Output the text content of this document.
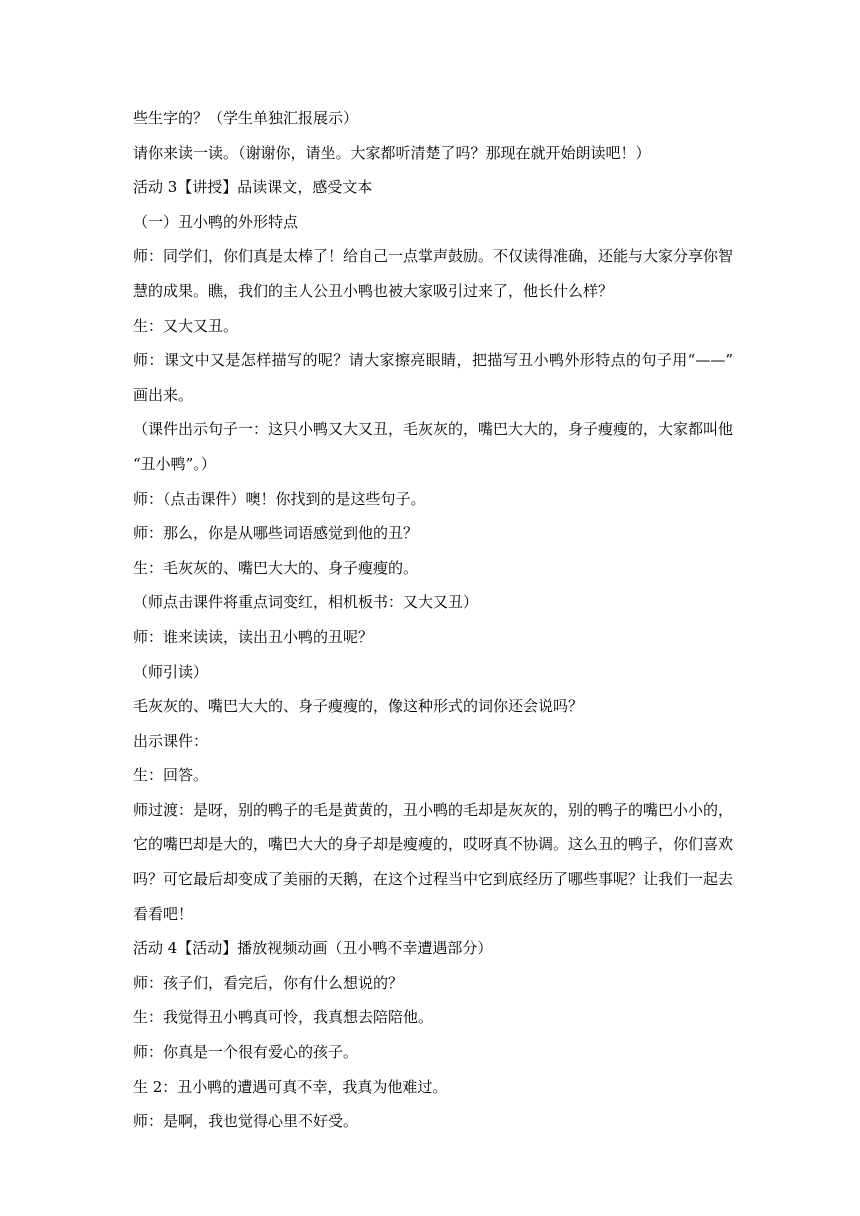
些生字的？（学生单独汇报展示）
请你来读一读。（谢谢你，请坐。大家都听清楚了吗？那现在就开始朗读吧！）
活动 3【讲授】品读课文，感受文本
（一）丑小鸭的外形特点
师：同学们，你们真是太棒了！给自己一点掌声鼓励。不仅读得准确，还能与大家分享你智
慧的成果。瞧，我们的主人公丑小鸭也被大家吸引过来了，他长什么样？
生：又大又丑。
师：课文中又是怎样描写的呢？请大家擦亮眼睛，把描写丑小鸭外形特点的句子用“——”
画出来。
（课件出示句子一：这只小鸭又大又丑，毛灰灰的，嘴巴大大的，身子瘦瘦的，大家都叫他
“丑小鸭”。）
师：（点击课件）噢！你找到的是这些句子。
师：那么，你是从哪些词语感觉到他的丑？
生：毛灰灰的、嘴巴大大的、身子瘦瘦的。
（师点击课件将重点词变红，相机板书：又大又丑）
师：谁来读读，读出丑小鸭的丑呢？
（师引读）
毛灰灰的、嘴巴大大的、身子瘦瘦的，像这种形式的词你还会说吗？
出示课件：
生：回答。
师过渡：是呀，别的鸭子的毛是黄黄的，丑小鸭的毛却是灰灰的，别的鸭子的嘴巴小小的，
它的嘴巴却是大的，嘴巴大大的身子却是瘦瘦的，哎呀真不协调。这么丑的鸭子，你们喜欢
吗？可它最后却变成了美丽的天鹅，在这个过程当中它到底经历了哪些事呢？让我们一起去
看看吧！
活动 4【活动】播放视频动画（丑小鸭不幸遭遇部分）
师：孩子们，看完后，你有什么想说的？
生：我觉得丑小鸭真可怜，我真想去陪陪他。
师：你真是一个很有爱心的孩子。
生 2：丑小鸭的遭遇可真不幸，我真为他难过。
师：是啊，我也觉得心里不好受。
